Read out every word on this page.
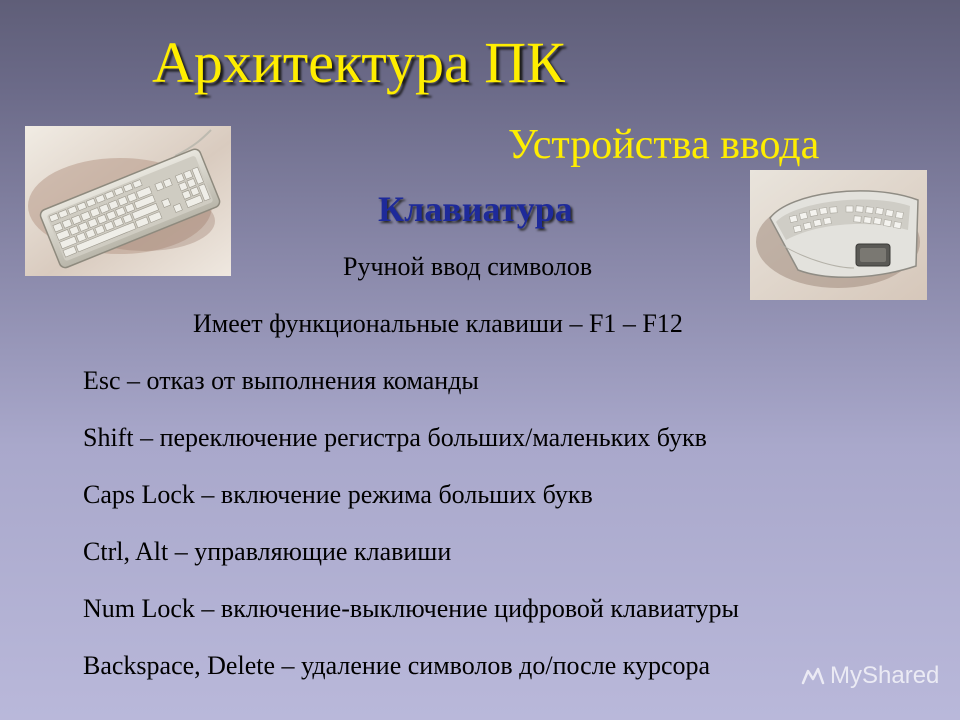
Архитектура ПК
Устройства ввода
Клавиатура
Ручной ввод символов
Имеет функциональные клавиши – F1 – F12
Esc – отказ от выполнения команды
Shift – переключение регистра больших/маленьких букв
Caps Lock – включение режима больших букв
Ctrl, Alt – управляющие клавиши
Num Lock – включение-выключение цифровой клавиатуры
Backspace, Delete – удаление символов до/после курсора	MyShared
